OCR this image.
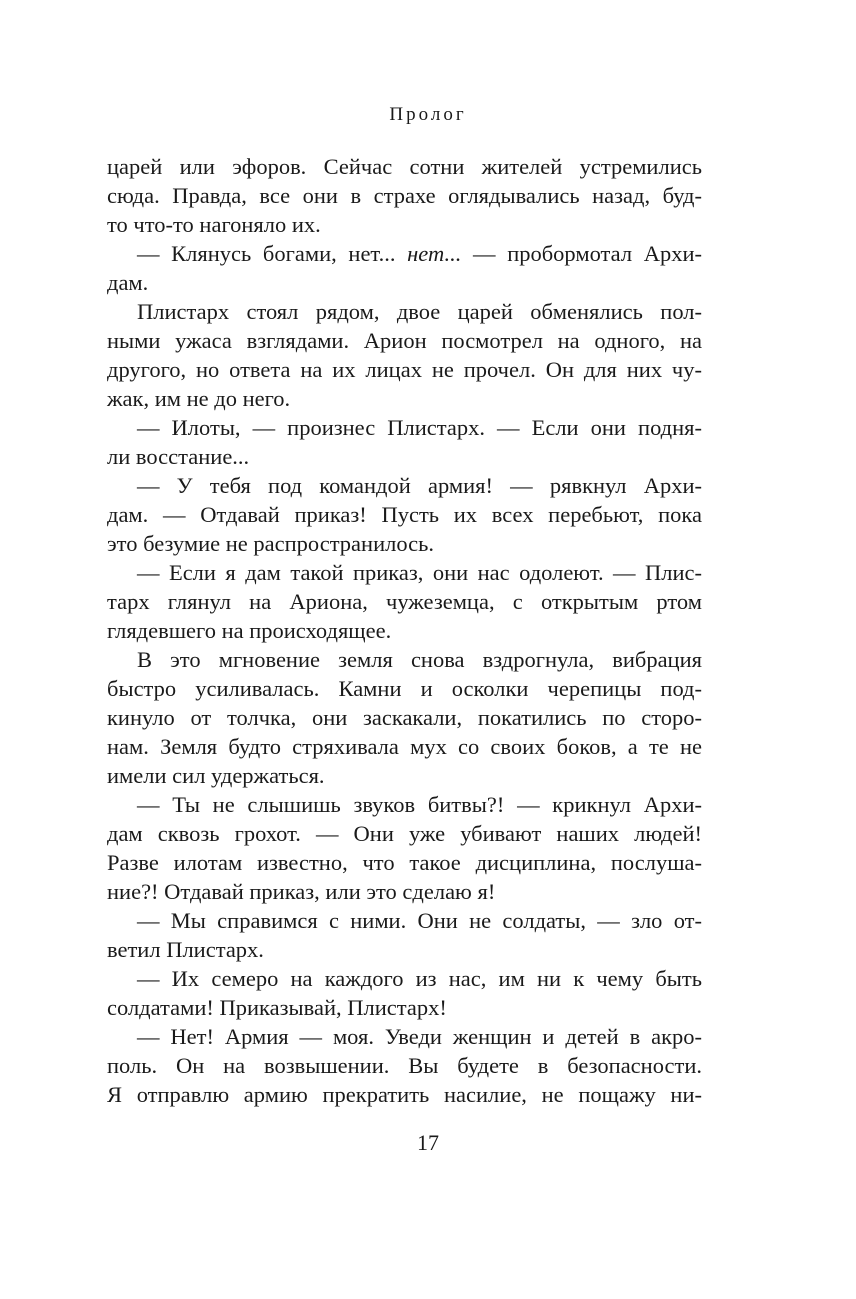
Пролог
царей или эфоров. Сейчас сотни жителей устремились
сюда. Правда, все они в страхе оглядывались назад, буд-
то что-то нагоняло их.
— Клянусь богами, нет... нет... — пробормотал Архи-
дам.
Плистарх стоял рядом, двое царей обменялись пол-
ными ужаса взглядами. Арион посмотрел на одного, на
другого, но ответа на их лицах не прочел. Он для них чу-
жак, им не до него.
— Илоты, — произнес Плистарх. — Если они подня-
ли восстание...
— У тебя под командой армия! — рявкнул Архи-
дам. — Отдавай приказ! Пусть их всех перебьют, пока
это безумие не распространилось.
— Если я дам такой приказ, они нас одолеют. — Плис-
тарх глянул на Ариона, чужеземца, с открытым ртом
глядевшего на происходящее.
В это мгновение земля снова вздрогнула, вибрация
быстро усиливалась. Камни и осколки черепицы под-
кинуло от толчка, они заскакали, покатились по сторо-
нам. Земля будто стряхивала мух со своих боков, а те не
имели сил удержаться.
— Ты не слышишь звуков битвы?! — крикнул Архи-
дам сквозь грохот. — Они уже убивают наших людей!
Разве илотам известно, что такое дисциплина, послуша-
ние?! Отдавай приказ, или это сделаю я!
— Мы справимся с ними. Они не солдаты, — зло от-
ветил Плистарх.
— Их семеро на каждого из нас, им ни к чему быть
солдатами! Приказывай, Плистарх!
— Нет! Армия — моя. Уведи женщин и детей в акро-
поль. Он на возвышении. Вы будете в безопасности.
Я отправлю армию прекратить насилие, не пощажу ни-
17
